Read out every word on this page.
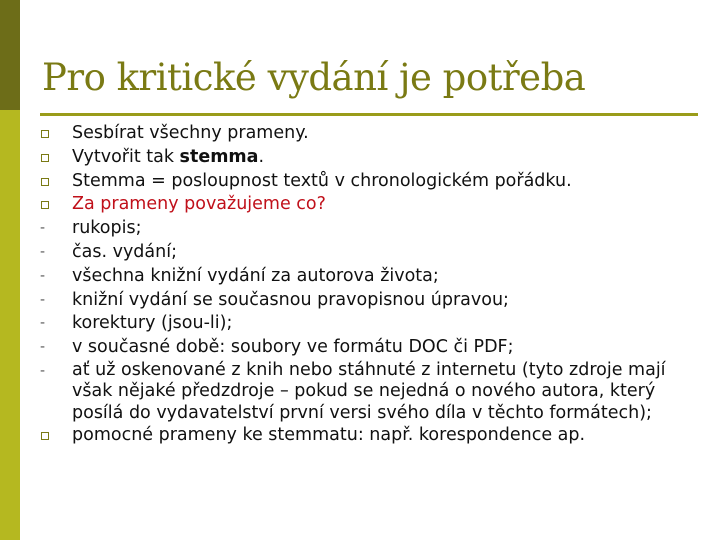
Pro kritické vydání je potřeba
Sesbírat všechny prameny.
Vytvořit tak stemma.
Stemma = posloupnost textů v chronologickém pořádku.
Za prameny považujeme co?
- rukopis;
- čas. vydání;
- všechna knižní vydání za autorova života;
- knižní vydání se současnou pravopisnou úpravou;
- korektury (jsou-li);
- v současné době: soubory ve formátu DOC či PDF;
- ať už oskenované z knih nebo stáhnuté z internetu (tyto zdroje mají však nějaké předzdroje – pokud se nejedná o nového autora, který posílá do vydavatelství první versi svého díla v těchto formátech);
pomocné prameny ke stemmatu: např. korespondence ap.
